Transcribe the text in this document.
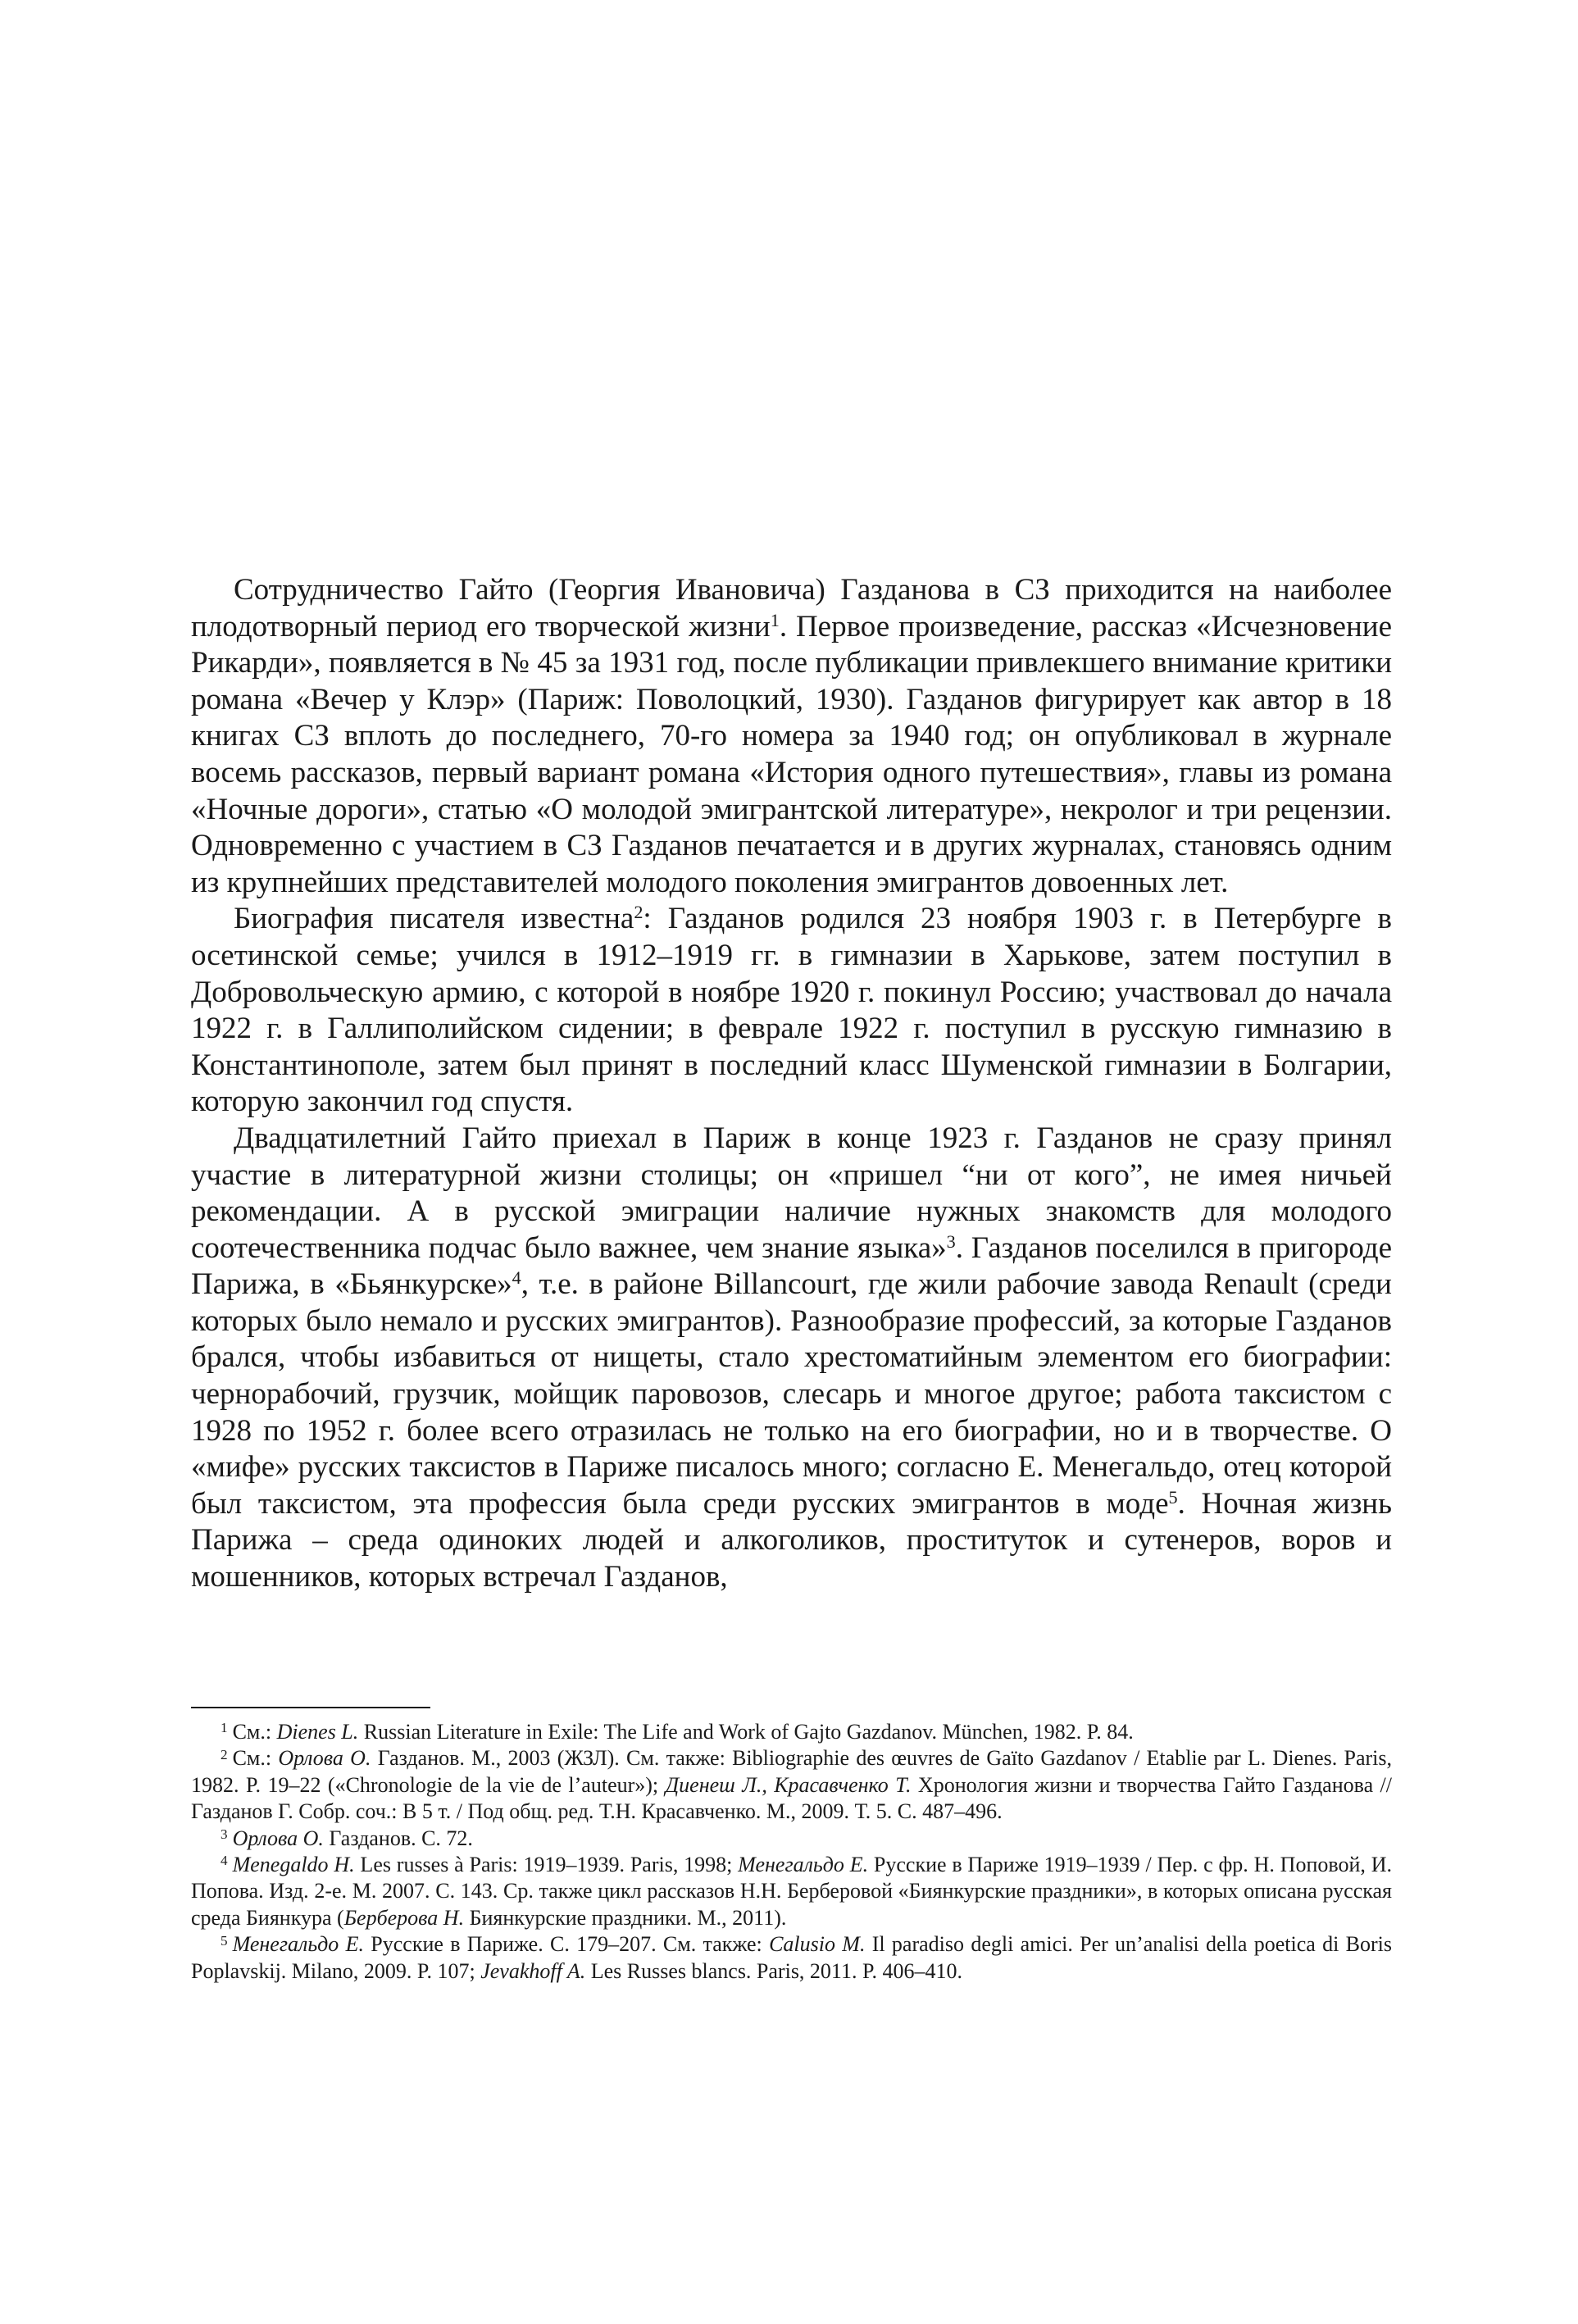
Сотрудничество Гайто (Георгия Ивановича) Газданова в СЗ приходится на наиболее плодотворный период его творческой жизни$^1$. Первое произведение, рассказ «Исчезновение Рикарди», появляется в № 45 за 1931 год, после публикации привлекшего внимание критики романа «Вечер у Клэр» (Париж: Поволоцкий, 1930). Газданов фигурирует как автор в 18 книгах СЗ вплоть до последнего, 70-го номера за 1940 год; он опубликовал в журнале восемь рассказов, первый вариант романа «История одного путешествия», главы из романа «Ночные дороги», статью «О молодой эмигрантской литературе», некролог и три рецензии. Одновременно с участием в СЗ Газданов печатается и в других журналах, становясь одним из крупнейших представителей молодого поколения эмигрантов довоенных лет.

Биография писателя известна$^2$: Газданов родился 23 ноября 1903 г. в Петербурге в осетинской семье; учился в 1912–1919 гг. в гимназии в Харькове, затем поступил в Добровольческую армию, с которой в ноябре 1920 г. покинул Россию; участвовал до начала 1922 г. в Галлиполийском сидении; в феврале 1922 г. поступил в русскую гимназию в Константинополе, затем был принят в последний класс Шуменской гимназии в Болгарии, которую закончил год спустя.

Двадцатилетний Гайто приехал в Париж в конце 1923 г. Газданов не сразу принял участие в литературной жизни столицы; он «пришел “ни от кого”, не имея ничьей рекомендации. А в русской эмиграции наличие нужных знакомств для молодого соотечественника подчас было важнее, чем знание языка»$^3$. Газданов поселился в пригороде Парижа, в «Бьянкурске»$^4$, т.е. в районе Billancourt, где жили рабочие завода Renault (среди которых было немало и русских эмигрантов). Разнообразие профессий, за которые Газданов брался, чтобы избавиться от нищеты, стало хрестоматийным элементом его биографии: чернорабочий, грузчик, мойщик паровозов, слесарь и многое другое; работа таксистом с 1928 по 1952 г. более всего отразилась не только на его биографии, но и в творчестве. О «мифе» русских таксистов в Париже писалось много; согласно Е. Менегальдо, отец которой был таксистом, эта профессия была среди русских эмигрантов в моде$^5$. Ночная жизнь Парижа – среда одиноких людей и алкоголиков, проституток и сутенеров, воров и мошенников, которых встречал Газданов,

$^1$ См.: Dienes L. Russian Literature in Exile: The Life and Work of Gajto Gazdanov. München, 1982. P. 84.

$^2$ См.: Орлова О. Газданов. М., 2003 (ЖЗЛ). См. также: Bibliographie des œuvres de Gaïto Gazdanov / Etablie par L. Dienes. Paris, 1982. P. 19–22 («Chronologie de la vie de l’auteur»); Диенеш Л., Красавченко Т. Хронология жизни и творчества Гайто Газданова // Газданов Г. Собр. соч.: В 5 т. / Под общ. ред. Т.Н. Красавченко. М., 2009. Т. 5. С. 487–496.

$^3$ Орлова О. Газданов. С. 72.

$^4$ Menegaldo H. Les russes à Paris: 1919–1939. Paris, 1998; Менегальдо Е. Русские в Париже 1919–1939 / Пер. с фр. Н. Поповой, И. Попова. Изд. 2-е. М. 2007. С. 143. Ср. также цикл рассказов Н.Н. Берберовой «Биянкурские праздники», в которых описана русская среда Биянкура (Берберова Н. Биянкурские праздники. М., 2011).

$^5$ Менегальдо Е. Русские в Париже. С. 179–207. См. также: Calusio M. Il paradiso degli amici. Per un’analisi della poetica di Boris Poplavskij. Milano, 2009. P. 107; Jevakhoff A. Les Russes blancs. Paris, 2011. P. 406–410.
